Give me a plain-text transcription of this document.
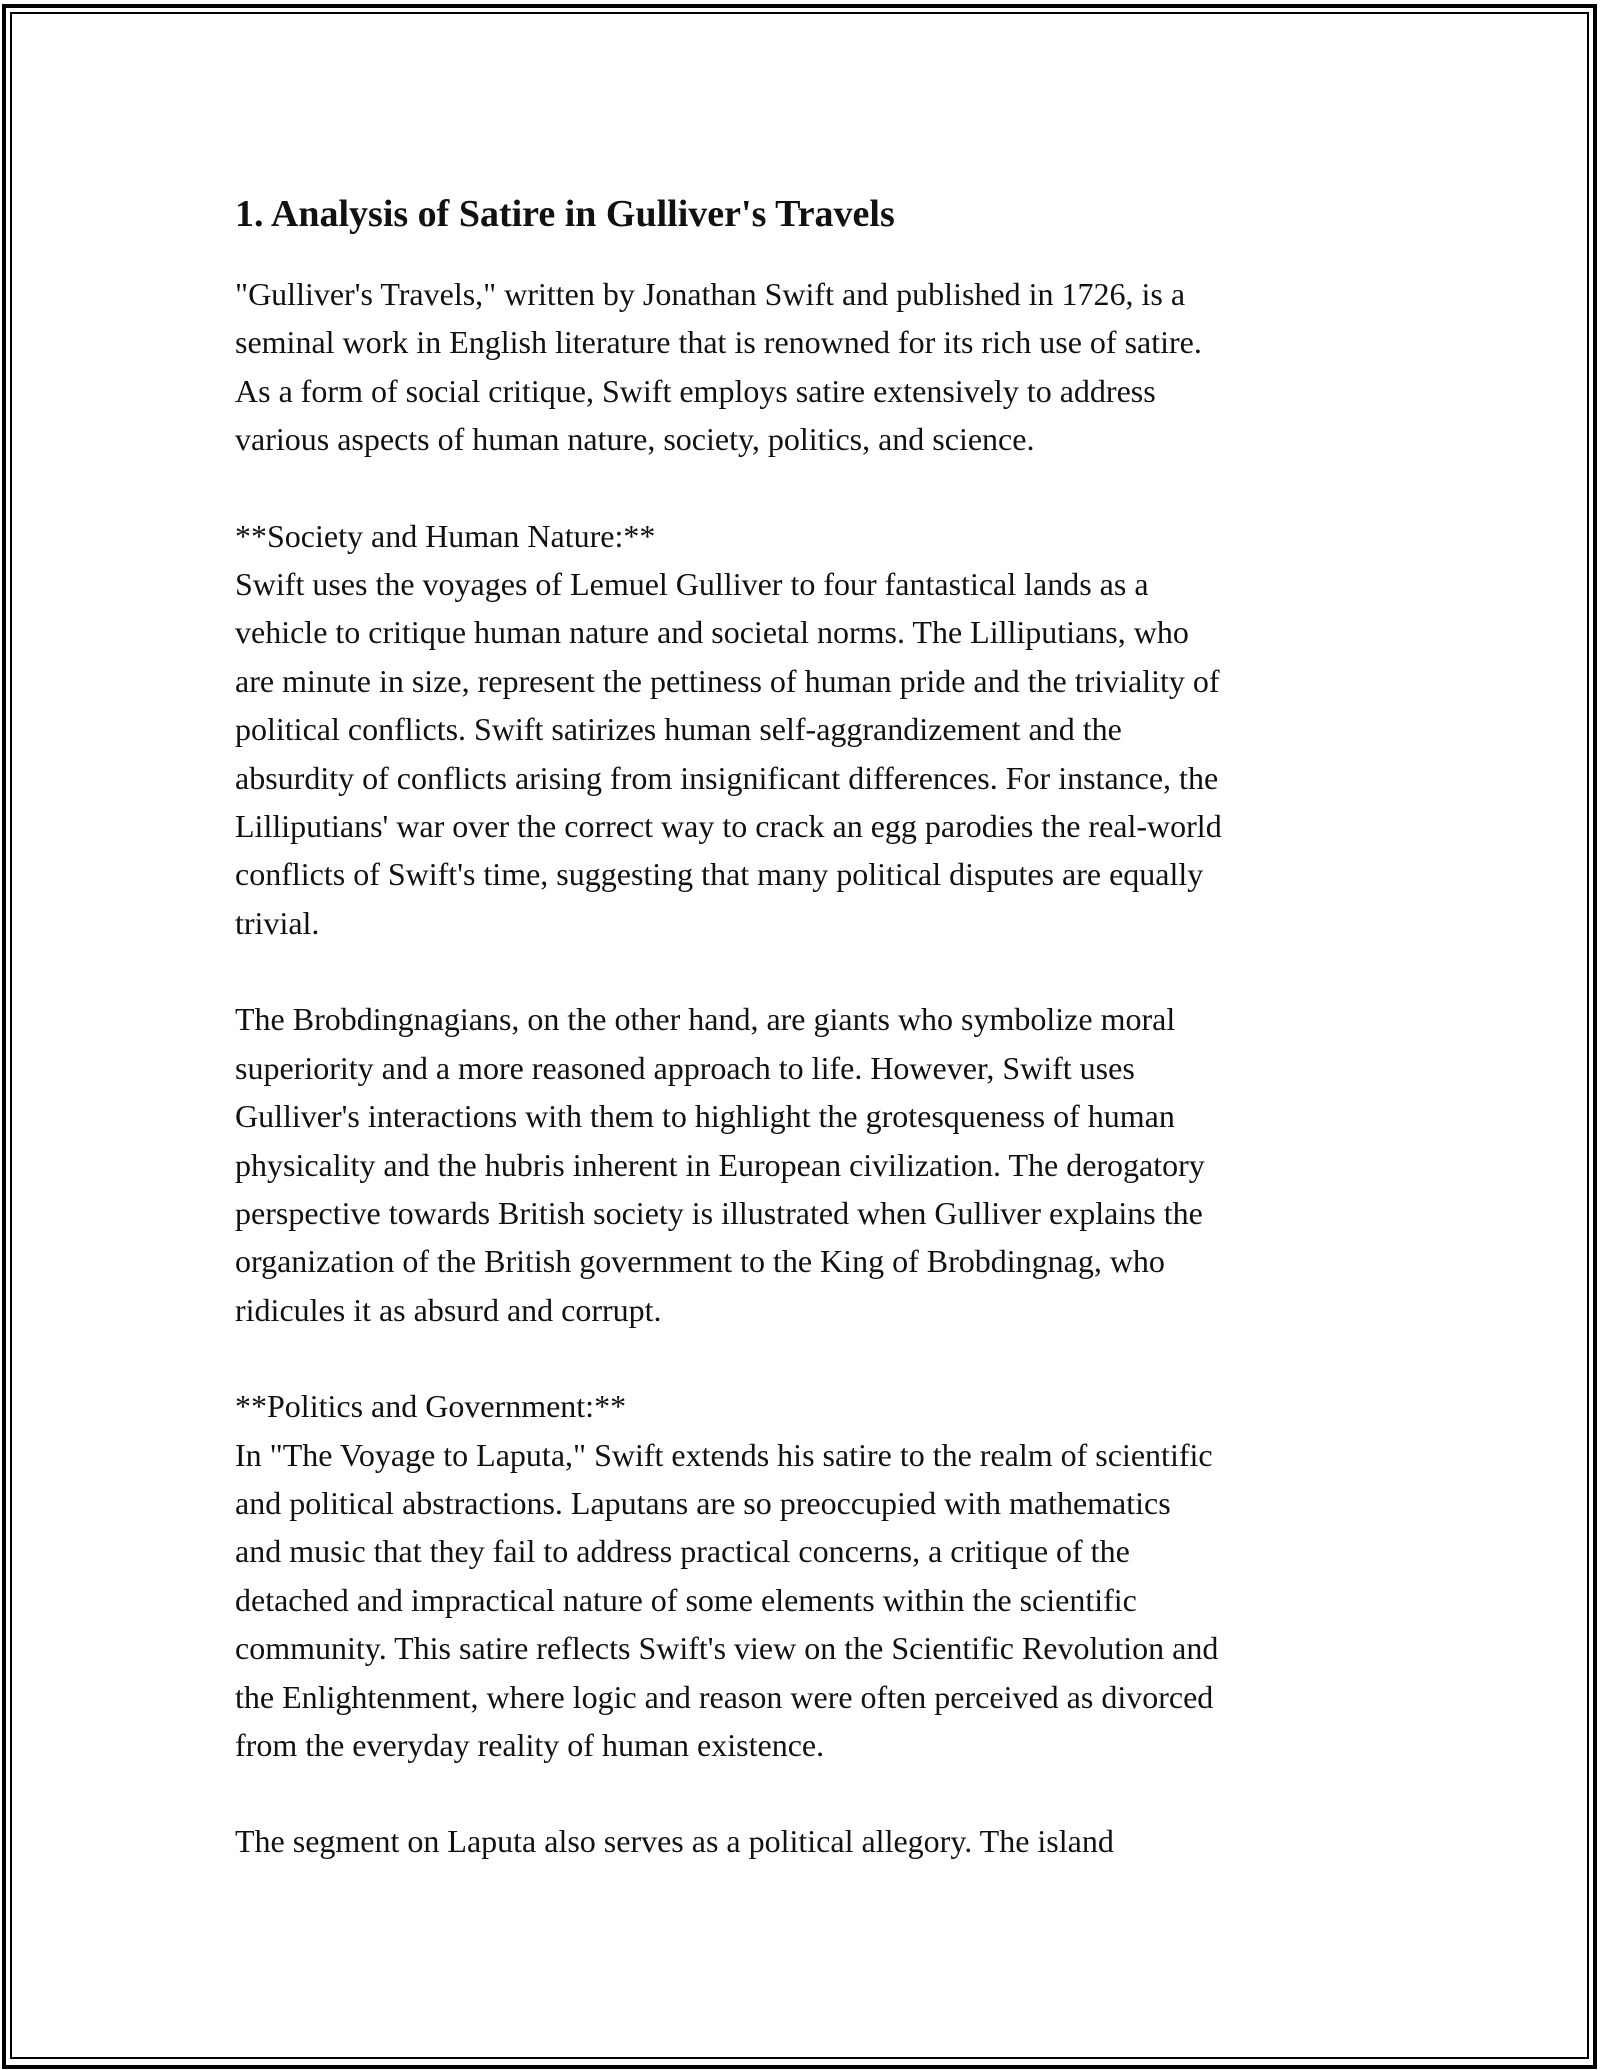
1. Analysis of Satire in Gulliver's Travels

"Gulliver's Travels," written by Jonathan Swift and published in 1726, is a
seminal work in English literature that is renowned for its rich use of satire.
As a form of social critique, Swift employs satire extensively to address
various aspects of human nature, society, politics, and science.

**Society and Human Nature:**
Swift uses the voyages of Lemuel Gulliver to four fantastical lands as a
vehicle to critique human nature and societal norms. The Lilliputians, who
are minute in size, represent the pettiness of human pride and the triviality of
political conflicts. Swift satirizes human self-aggrandizement and the
absurdity of conflicts arising from insignificant differences. For instance, the
Lilliputians' war over the correct way to crack an egg parodies the real-world
conflicts of Swift's time, suggesting that many political disputes are equally
trivial.

The Brobdingnagians, on the other hand, are giants who symbolize moral
superiority and a more reasoned approach to life. However, Swift uses
Gulliver's interactions with them to highlight the grotesqueness of human
physicality and the hubris inherent in European civilization. The derogatory
perspective towards British society is illustrated when Gulliver explains the
organization of the British government to the King of Brobdingnag, who
ridicules it as absurd and corrupt.

**Politics and Government:**
In "The Voyage to Laputa," Swift extends his satire to the realm of scientific
and political abstractions. Laputans are so preoccupied with mathematics
and music that they fail to address practical concerns, a critique of the
detached and impractical nature of some elements within the scientific
community. This satire reflects Swift's view on the Scientific Revolution and
the Enlightenment, where logic and reason were often perceived as divorced
from the everyday reality of human existence.

The segment on Laputa also serves as a political allegory. The island
